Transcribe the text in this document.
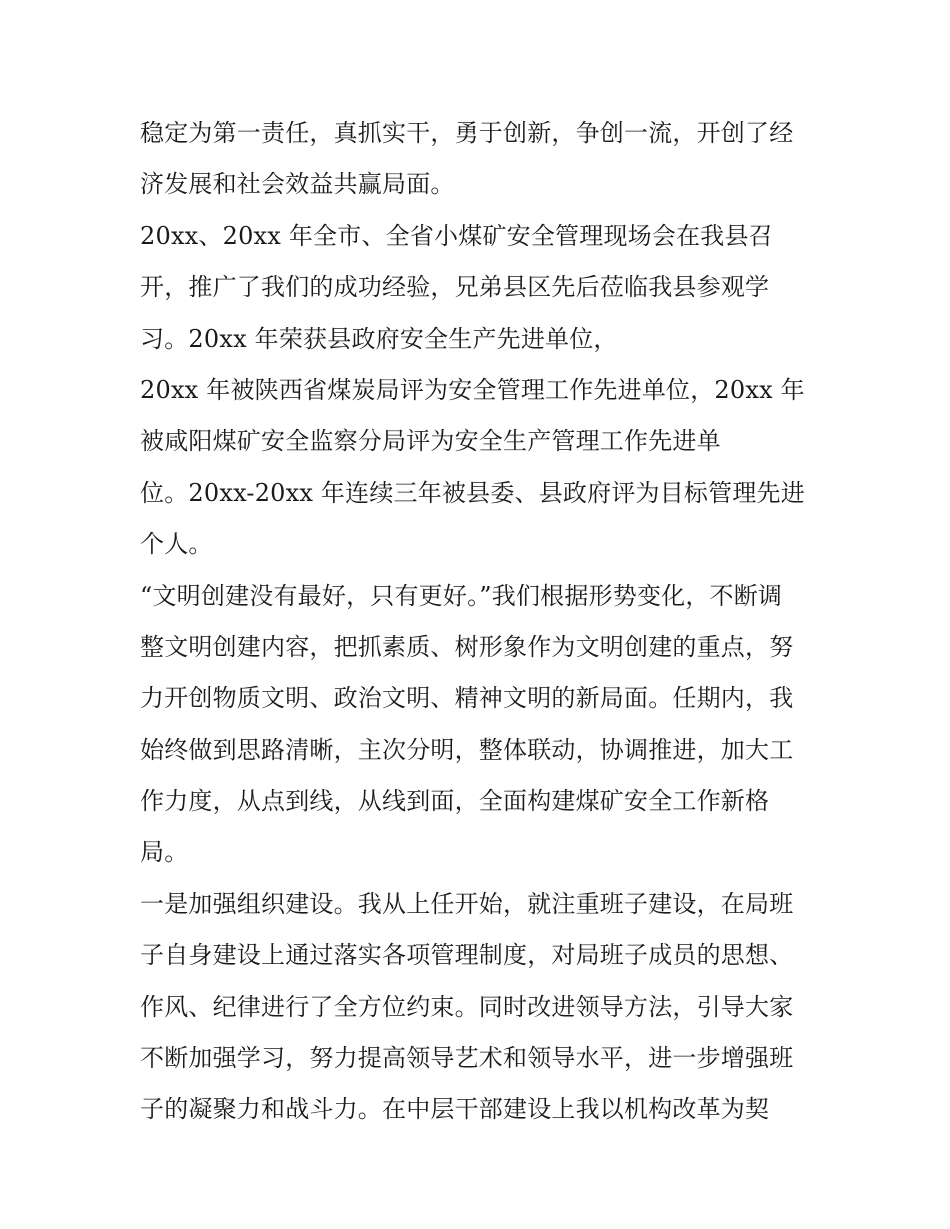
稳定为第一责任，真抓实干，勇于创新，争创一流，开创了经
济发展和社会效益共赢局面。
20xx、20xx 年全市、全省小煤矿安全管理现场会在我县召
开，推广了我们的成功经验，兄弟县区先后莅临我县参观学
习。20xx 年荣获县政府安全生产先进单位，
20xx 年被陕西省煤炭局评为安全管理工作先进单位，20xx 年
被咸阳煤矿安全监察分局评为安全生产管理工作先进单
位。20xx-20xx 年连续三年被县委、县政府评为目标管理先进
个人。
“文明创建没有最好，只有更好。”我们根据形势变化，不断调
整文明创建内容，把抓素质、树形象作为文明创建的重点，努
力开创物质文明、政治文明、精神文明的新局面。任期内，我
始终做到思路清晰，主次分明，整体联动，协调推进，加大工
作力度，从点到线，从线到面，全面构建煤矿安全工作新格
局。
一是加强组织建设。我从上任开始，就注重班子建设，在局班
子自身建设上通过落实各项管理制度，对局班子成员的思想、
作风、纪律进行了全方位约束。同时改进领导方法，引导大家
不断加强学习，努力提高领导艺术和领导水平，进一步增强班
子的凝聚力和战斗力。在中层干部建设上我以机构改革为契
